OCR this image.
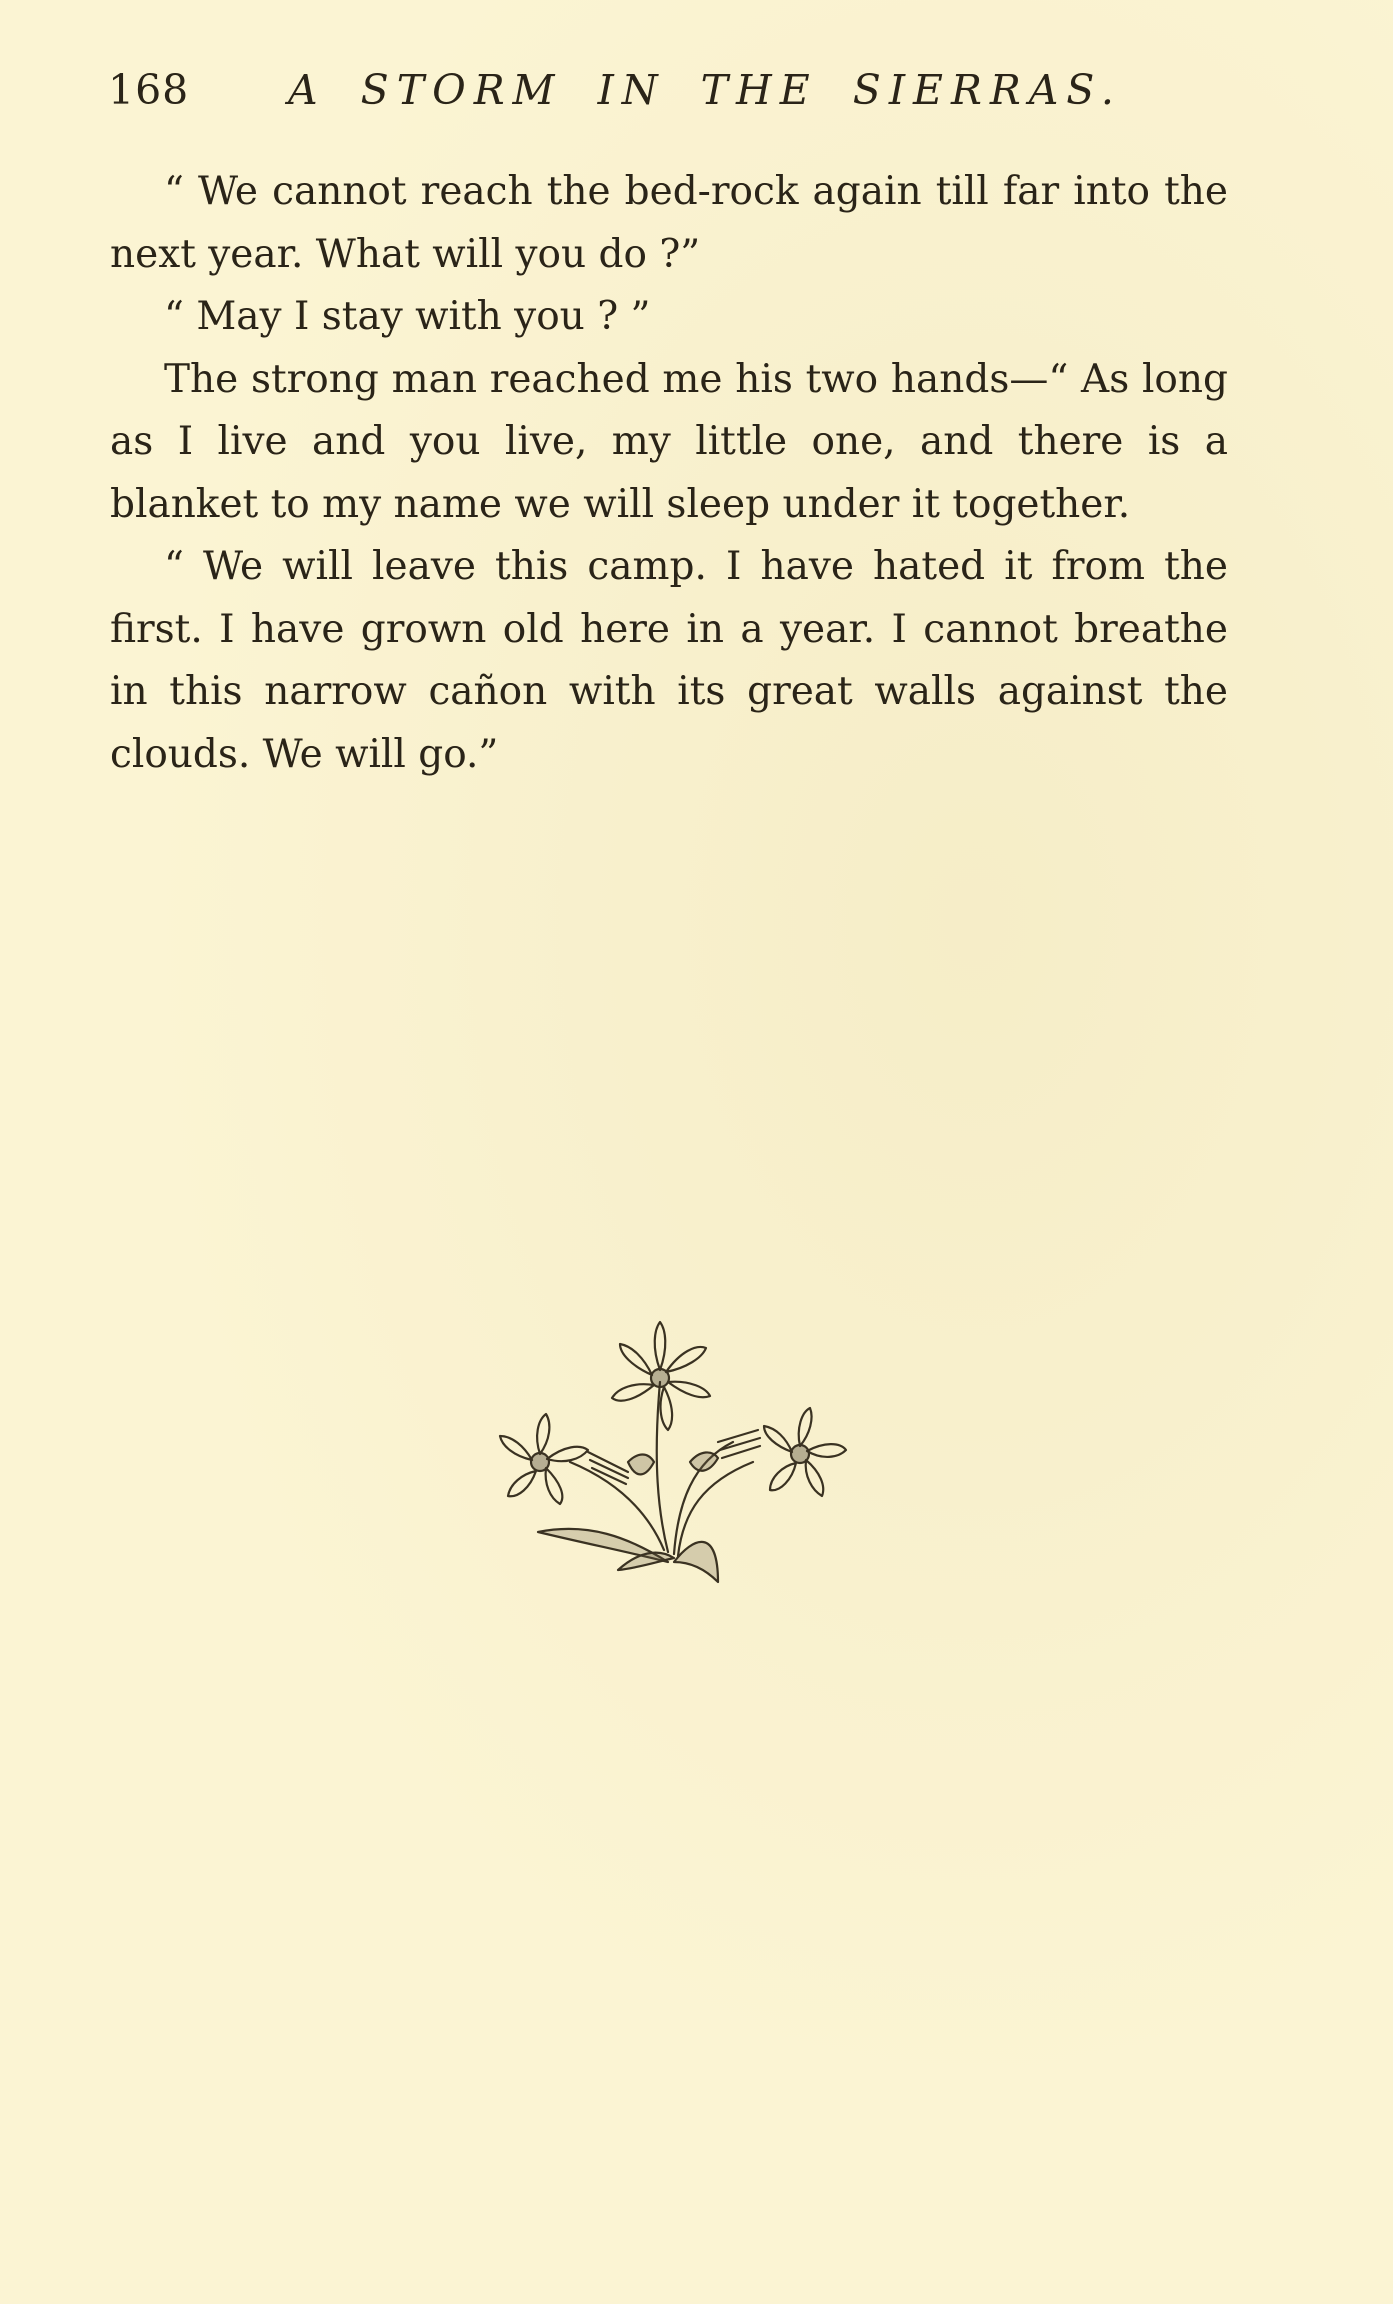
168 A STORM IN THE SIERRAS.

“ We cannot reach the bed-rock again till far into the next year. What will you do ?”

“ May I stay with you ? ”

The strong man reached me his two hands—“ As long as I live and you live, my little one, and there is a blanket to my name we will sleep under it together.

“ We will leave this camp. I have hated it from the first. I have grown old here in a year. I cannot breathe in this narrow cañon with its great walls against the clouds. We will go.”
